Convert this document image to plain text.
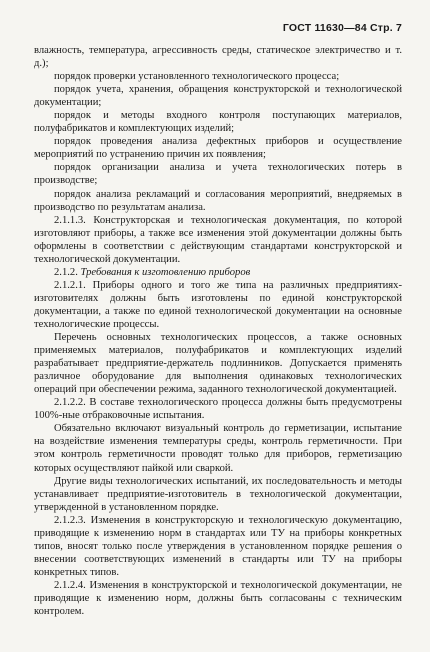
ГОСТ 11630—84 Стр. 7

влажность, температура, агрессивность среды, статическое электричество и т. д.);

порядок проверки установленного технологического процесса;

порядок учета, хранения, обращения конструкторской и технологической документации;

порядок и методы входного контроля поступающих материалов, полуфабрикатов и комплектующих изделий;

порядок проведения анализа дефектных приборов и осуществление мероприятий по устранению причин их появления;

порядок организации анализа и учета технологических потерь в производстве;

порядок анализа рекламаций и согласования мероприятий, внедряемых в производство по результатам анализа.

2.1.1.3. Конструкторская и технологическая документация, по которой изготовляют приборы, а также все изменения этой документации должны быть оформлены в соответствии с действующим стандартами конструкторской и технологической документации.

2.1.2. Требования к изготовлению приборов

2.1.2.1. Приборы одного и того же типа на различных предприятиях-изготовителях должны быть изготовлены по единой конструкторской документации, а также по единой технологической документации на основные технологические процессы.

Перечень основных технологических процессов, а также основных применяемых материалов, полуфабрикатов и комплектующих изделий разрабатывает предприятие-держатель подлинников. Допускается применять различное оборудование для выполнения одинаковых технологических операций при обеспечении режима, заданного технологической документацией.

2.1.2.2. В составе технологического процесса должны быть предусмотрены 100%-ные отбраковочные испытания.

Обязательно включают визуальный контроль до герметизации, испытание на воздействие изменения температуры среды, контроль герметичности. При этом контроль герметичности проводят только для приборов, герметизацию которых осуществляют пайкой или сваркой.

Другие виды технологических испытаний, их последовательность и методы устанавливает предприятие-изготовитель в технологической документации, утвержденной в установленном порядке.

2.1.2.3. Изменения в конструкторскую и технологическую документацию, приводящие к изменению норм в стандартах или ТУ на приборы конкретных типов, вносят только после утверждения в установленном порядке решения о внесении соответствующих изменений в стандарты или ТУ на приборы конкретных типов.

2.1.2.4. Изменения в конструкторской и технологической документации, не приводящие к изменению норм, должны быть согласованы с техническим контролем.
